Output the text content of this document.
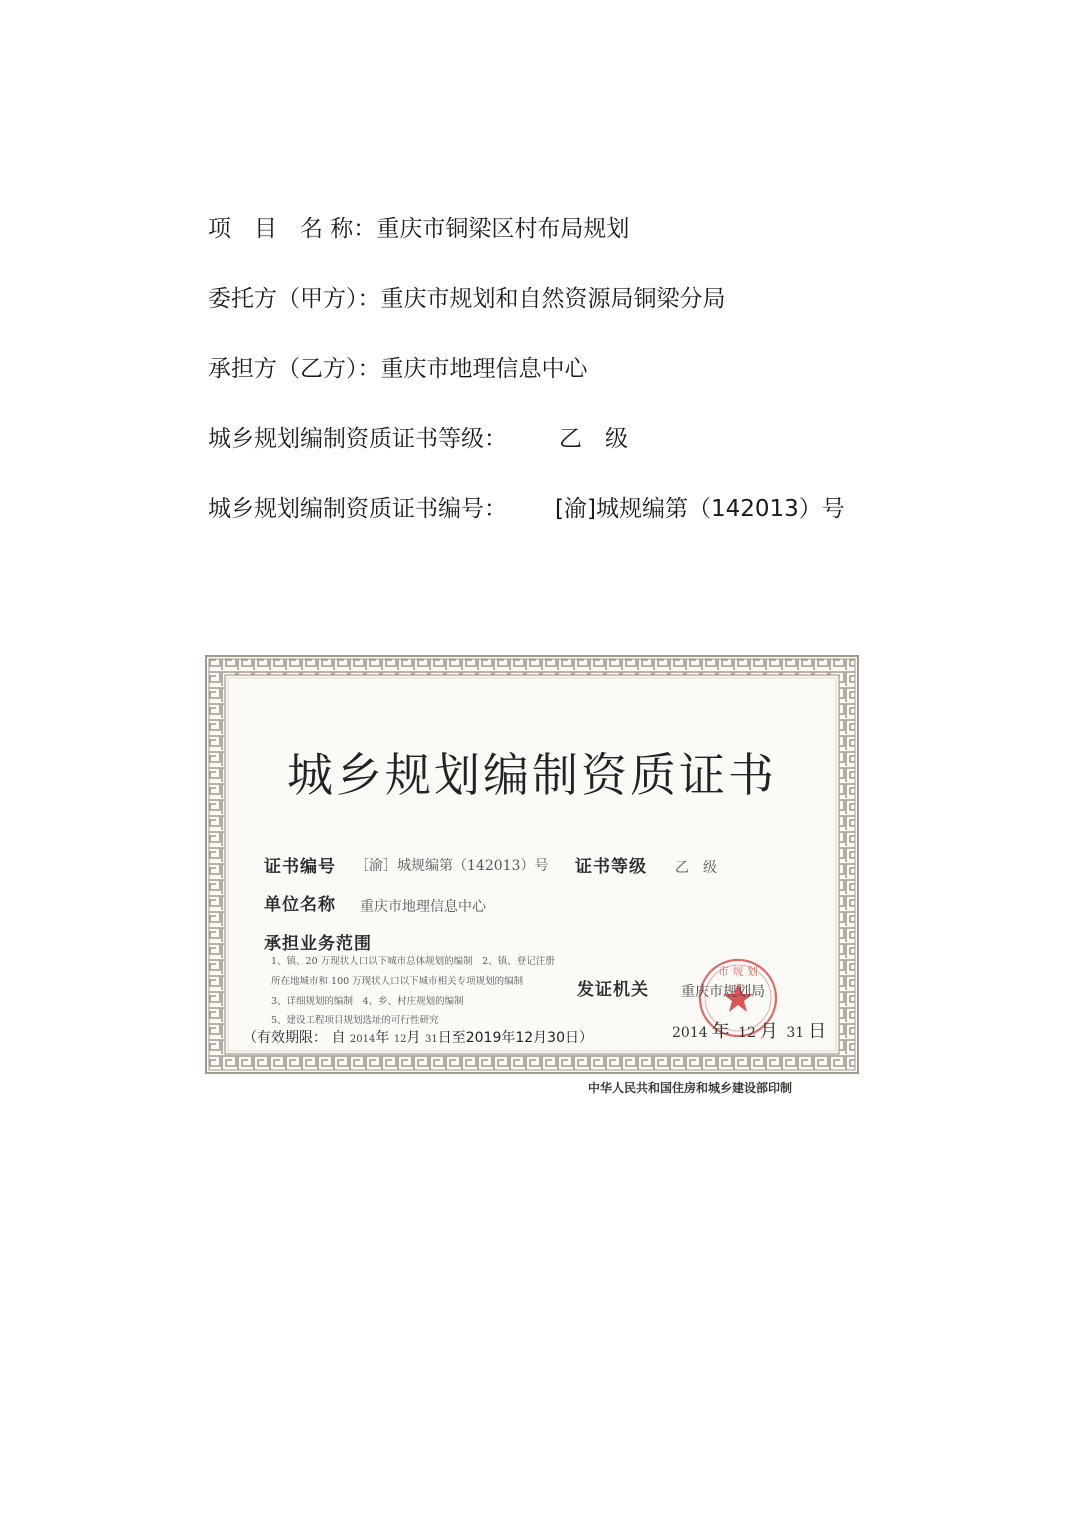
项　目　名 称：重庆市铜梁区村布局规划
委托方（甲方）：重庆市规划和自然资源局铜梁分局
承担方（乙方）：重庆市地理信息中心
城乡规划编制资质证书等级： 乙　级
城乡规划编制资质证书编号： [渝]城规编第（142013）号
城乡规划编制资质证书
证书编号 ［渝］城规编第（142013）号 证书等级 乙　级
单位名称 重庆市地理信息中心
承担业务范围
1、镇、20 万现状人口以下城市总体规划的编制　2、镇、登记注册
所在地城市和 100 万现状人口以下城市相关专项规划的编制
3、详细规划的编制　4、乡、村庄规划的编制
5、建设工程项目规划选址的可行性研究
发证机关
市 规 划
重庆市规划局
2014 年 12 月 31 日
（有效期限： 自 2014年 12月 31日至2019年12月30日）
中华人民共和国住房和城乡建设部印制
